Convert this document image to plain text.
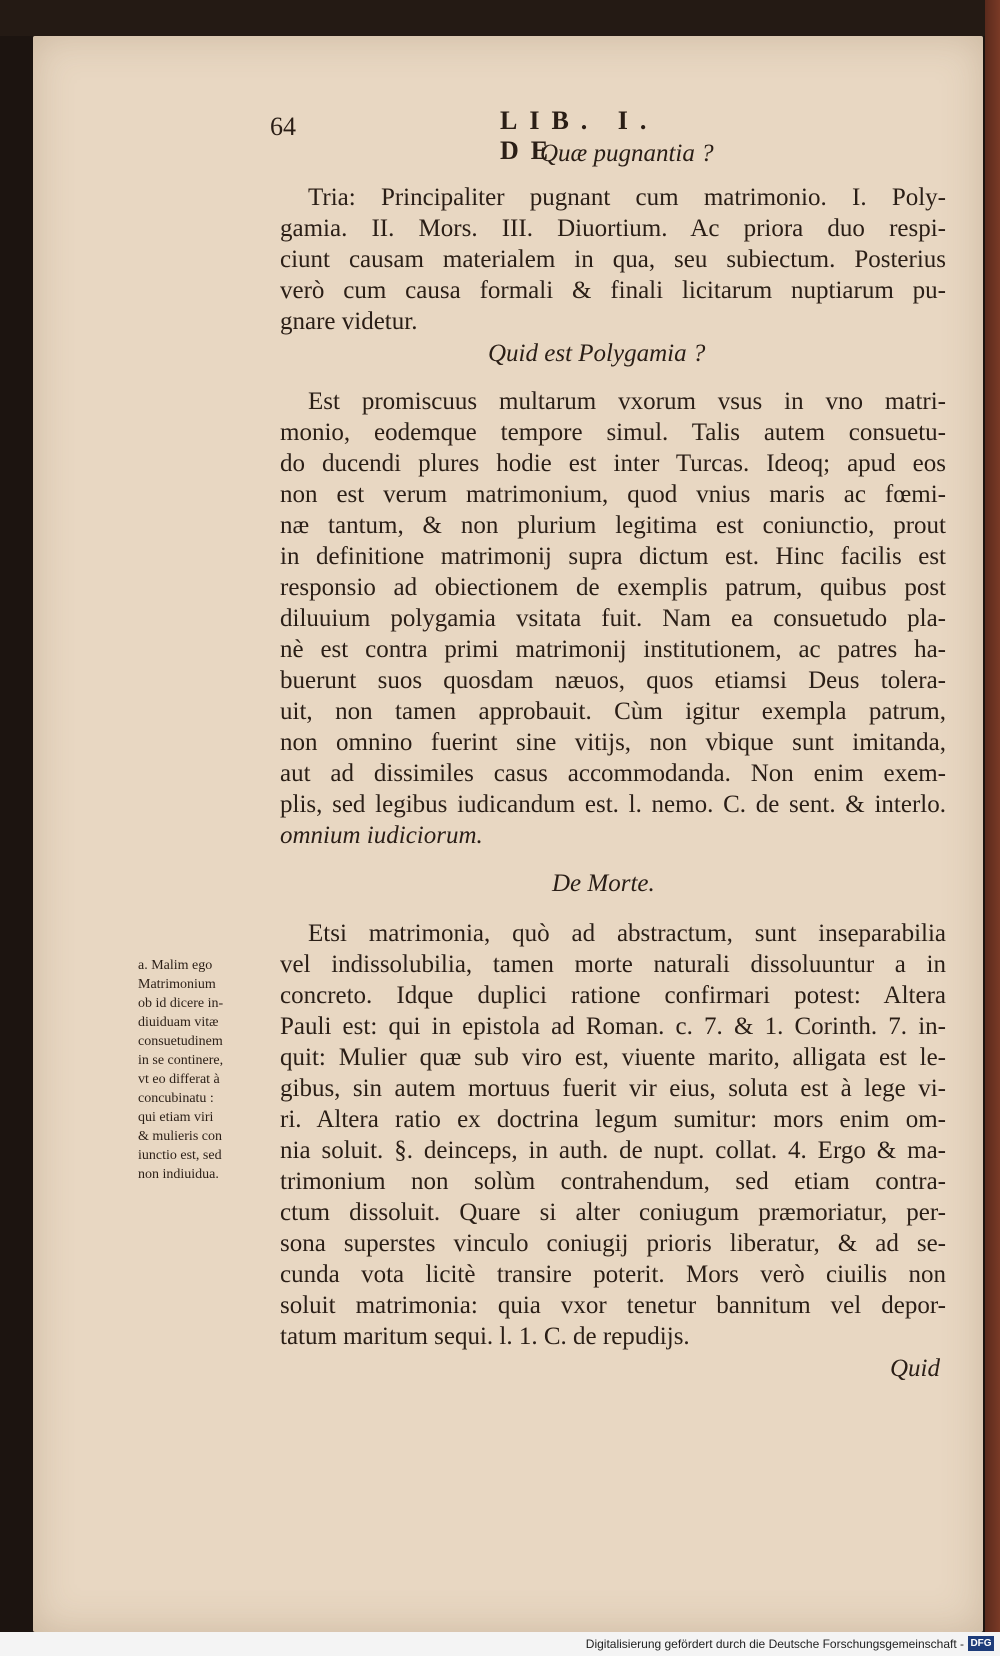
64	LIB. I. DE
Quæ pugnantia ?
Tria: Principaliter pugnant cum matrimonio. I. Poly-
gamia. II. Mors. III. Diuortium. Ac priora duo respi-
ciunt causam materialem in qua, seu subiectum. Posterius
verò cum causa formali & finali licitarum nuptiarum pu-
gnare videtur.
Quid est Polygamia ?
Est promiscuus multarum vxorum vsus in vno matri-
monio, eodemque tempore simul. Talis autem consuetu-
do ducendi plures hodie est inter Turcas. Ideoq; apud eos
non est verum matrimonium, quod vnius maris ac fœmi-
næ tantum, & non plurium legitima est coniunctio, prout
in definitione matrimonij supra dictum est. Hinc facilis est
responsio ad obiectionem de exemplis patrum, quibus post
diluuium polygamia vsitata fuit. Nam ea consuetudo pla-
nè est contra primi matrimonij institutionem, ac patres ha-
buerunt suos quosdam næuos, quos etiamsi Deus tolera-
uit, non tamen approbauit. Cùm igitur exempla patrum,
non omnino fuerint sine vitijs, non vbique sunt imitanda,
aut ad dissimiles casus accommodanda. Non enim exem-
plis, sed legibus iudicandum est. l. nemo. C. de sent. & interlo.
omnium iudiciorum.
De Morte.
Etsi matrimonia, quò ad abstractum, sunt inseparabilia
vel indissolubilia, tamen morte naturali dissoluuntur a in
concreto. Idque duplici ratione confirmari potest: Altera
Pauli est: qui in epistola ad Roman. c. 7. & 1. Corinth. 7. in-
quit: Mulier quæ sub viro est, viuente marito, alligata est le-
gibus, sin autem mortuus fuerit vir eius, soluta est à lege vi-
ri. Altera ratio ex doctrina legum sumitur: mors enim om-
nia soluit. §. deinceps, in auth. de nupt. collat. 4. Ergo & ma-
trimonium non solùm contrahendum, sed etiam contra-
ctum dissoluit. Quare si alter coniugum præmoriatur, per-
sona superstes vinculo coniugij prioris liberatur, & ad se-
cunda vota licitè transire poterit. Mors verò ciuilis non
soluit matrimonia: quia vxor tenetur bannitum vel depor-
tatum maritum sequi. l. 1. C. de repudijs.
a. Malim ego
Matrimonium
ob id dicere in-
diuiduam vitæ
consuetudinem
in se continere,
vt eo differat à
concubinatu :
qui etiam viri
& mulieris con
iunctio est, sed
non indiuidua.
Quid
Digitalisierung gefördert durch die Deutsche Forschungsgemeinschaft - DFG
